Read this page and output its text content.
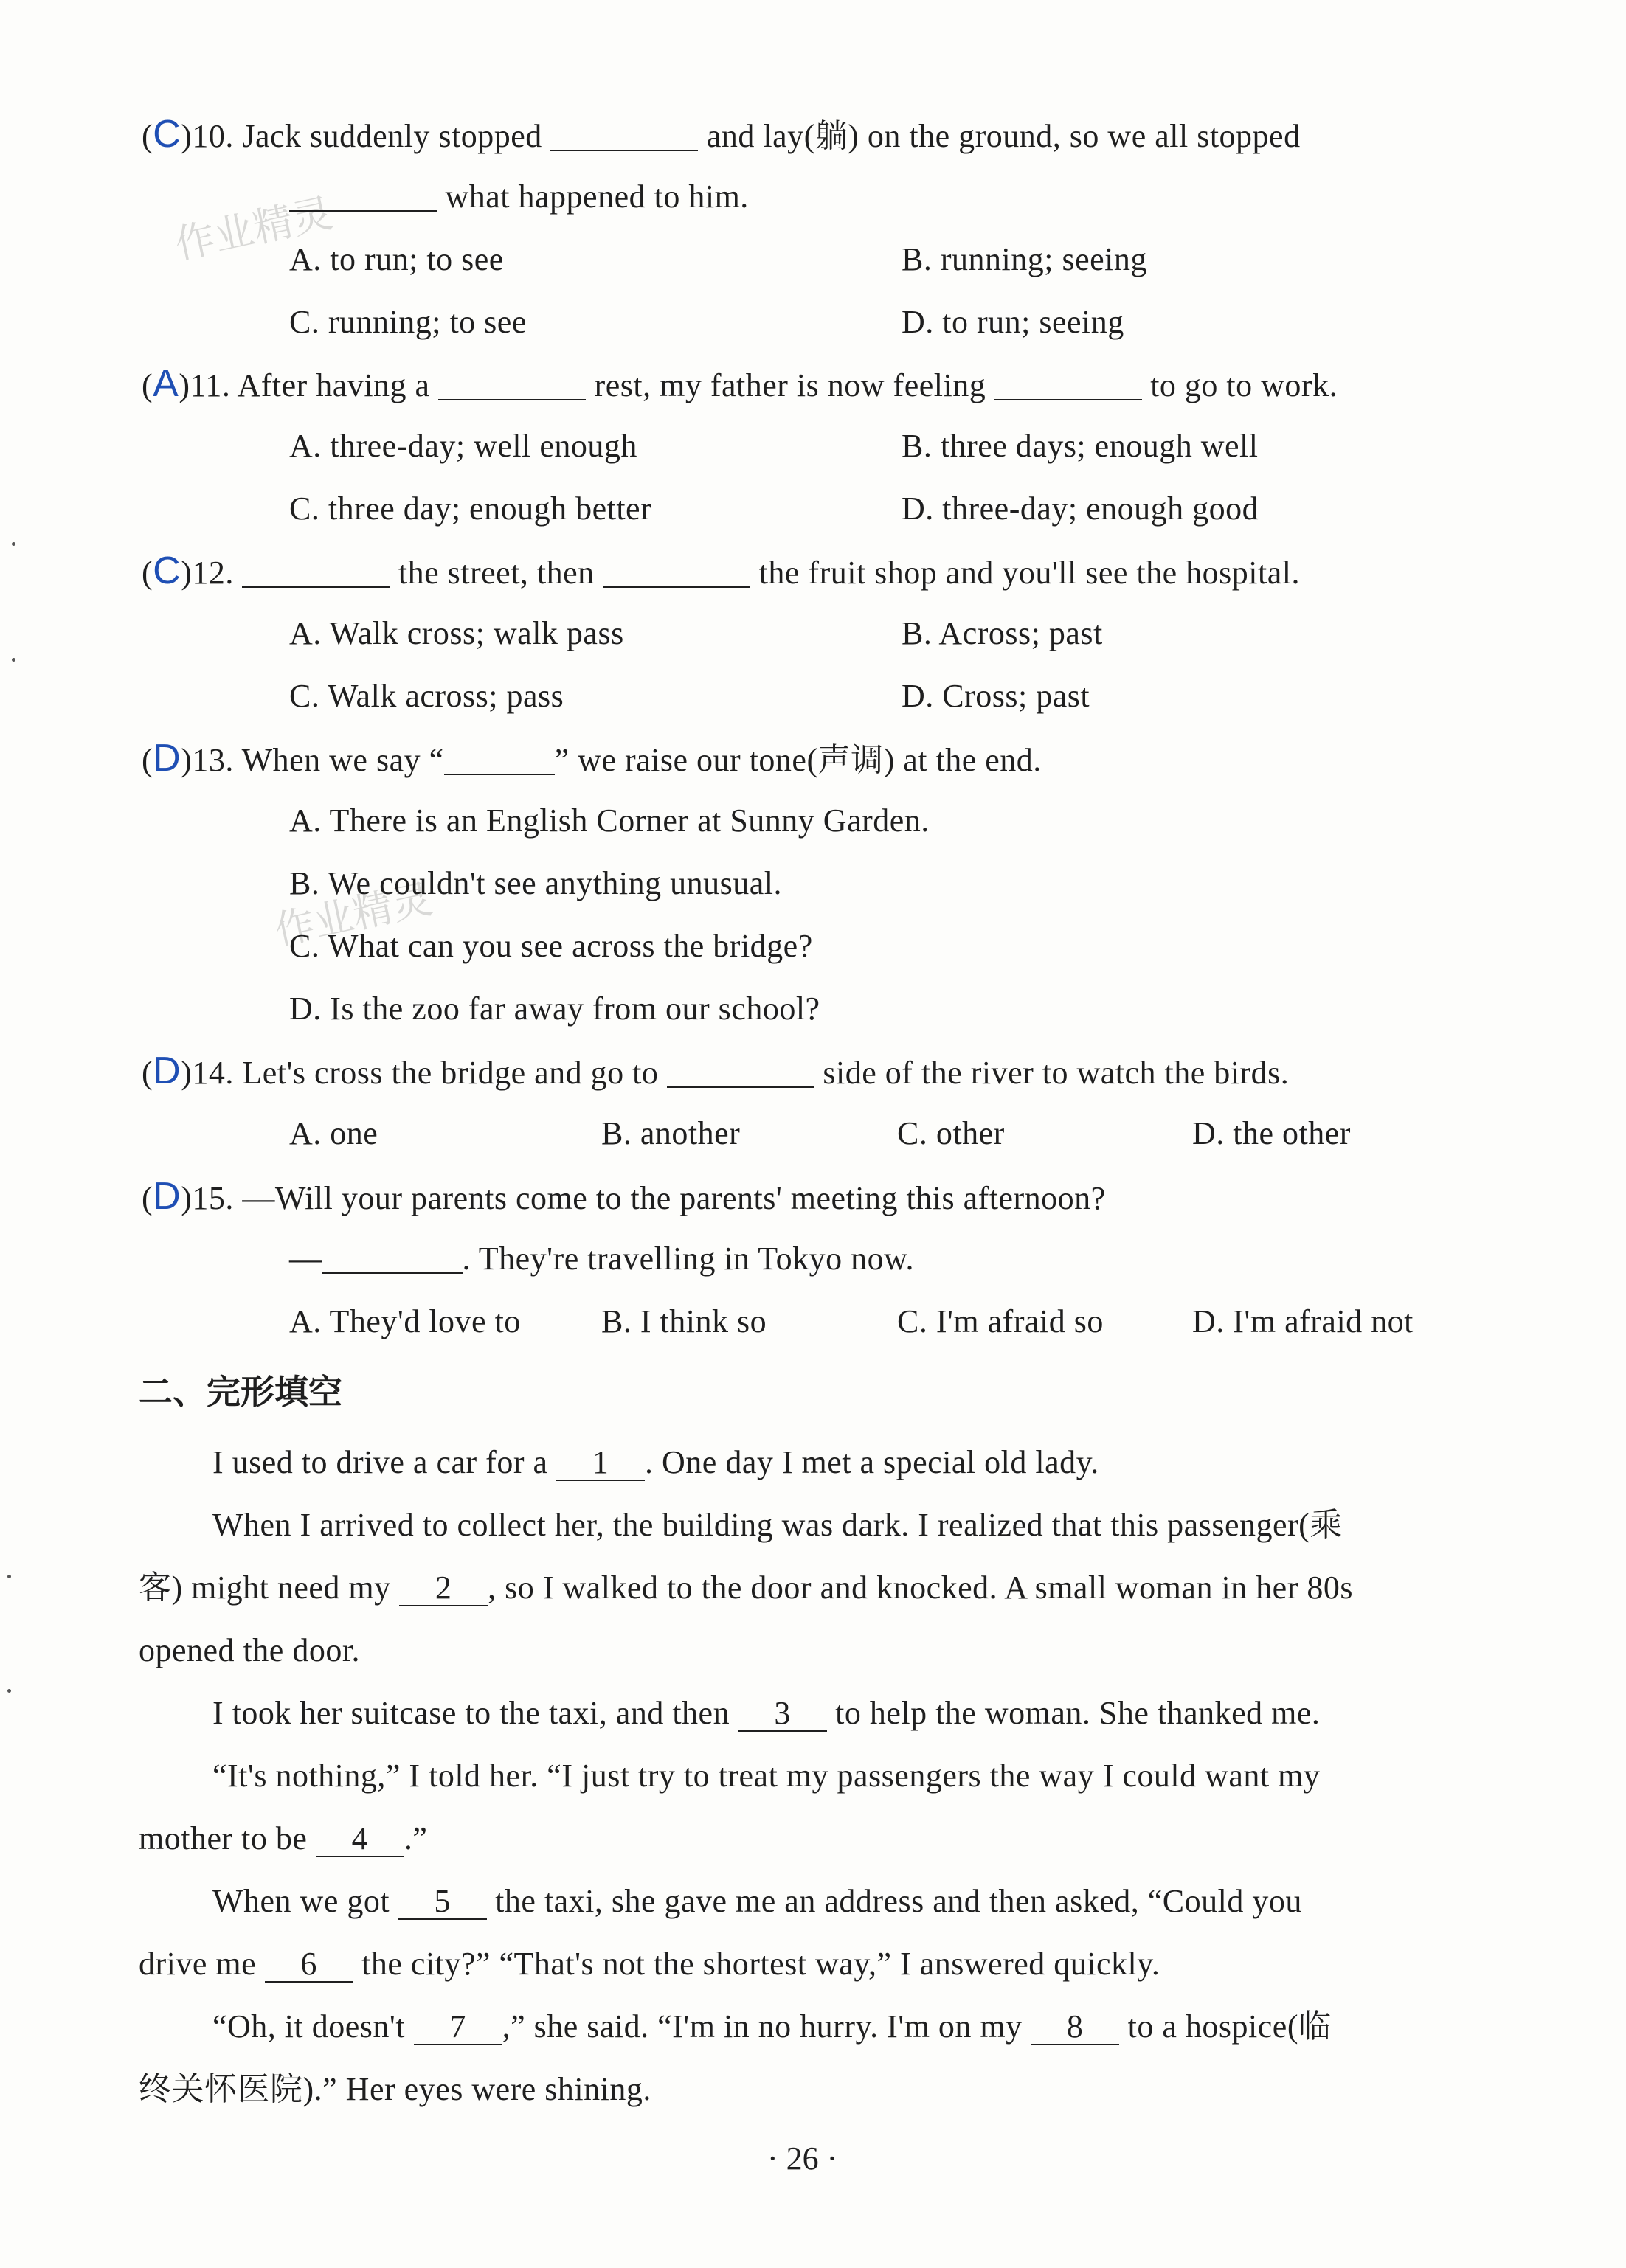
作业精灵
作业精灵
(C)10. Jack suddenly stopped	and lay(躺) on the ground, so we all stopped
what happened to him.
A. to run; to see	B. running; seeing
C. running; to see	D. to run; seeing
(A)11. After having a	rest, my father is now feeling	to go to work.
A. three-day; well enough	B. three days; enough well
C. three day; enough better	D. three-day; enough good
(C)12.	the street, then	the fruit shop and you'll see the hospital.
A. Walk cross; walk pass	B. Across; past
C. Walk across; pass	D. Cross; past
(D)13. When we say “	” we raise our tone(声调) at the end.
A. There is an English Corner at Sunny Garden.
B. We couldn't see anything unusual.
C. What can you see across the bridge?
D. Is the zoo far away from our school?
(D)14. Let's cross the bridge and go to	side of the river to watch the birds.
A. one	B. another	C. other	D. the other
(D)15. —Will your parents come to the parents' meeting this afternoon?
—	. They're travelling in Tokyo now.
A. They'd love to B. I think so	C. I'm afraid so	D. I'm afraid not
二、完形填空
I used to drive a car for a 1 . One day I met a special old lady.
When I arrived to collect her, the building was dark. I realized that this passenger(乘
客) might need my 2 , so I walked to the door and knocked. A small woman in her 80s
opened the door.
I took her suitcase to the taxi, and then 3 to help the woman. She thanked me.
“It's nothing,” I told her. “I just try to treat my passengers the way I could want my
mother to be 4 .”
When we got 5 the taxi, she gave me an address and then asked, “Could you
drive me 6 the city?” “That's not the shortest way,” I answered quickly.
“Oh, it doesn't 7 ,” she said. “I'm in no hurry. I'm on my 8 to a hospice(临
终关怀医院).” Her eyes were shining.
· 26 ·
